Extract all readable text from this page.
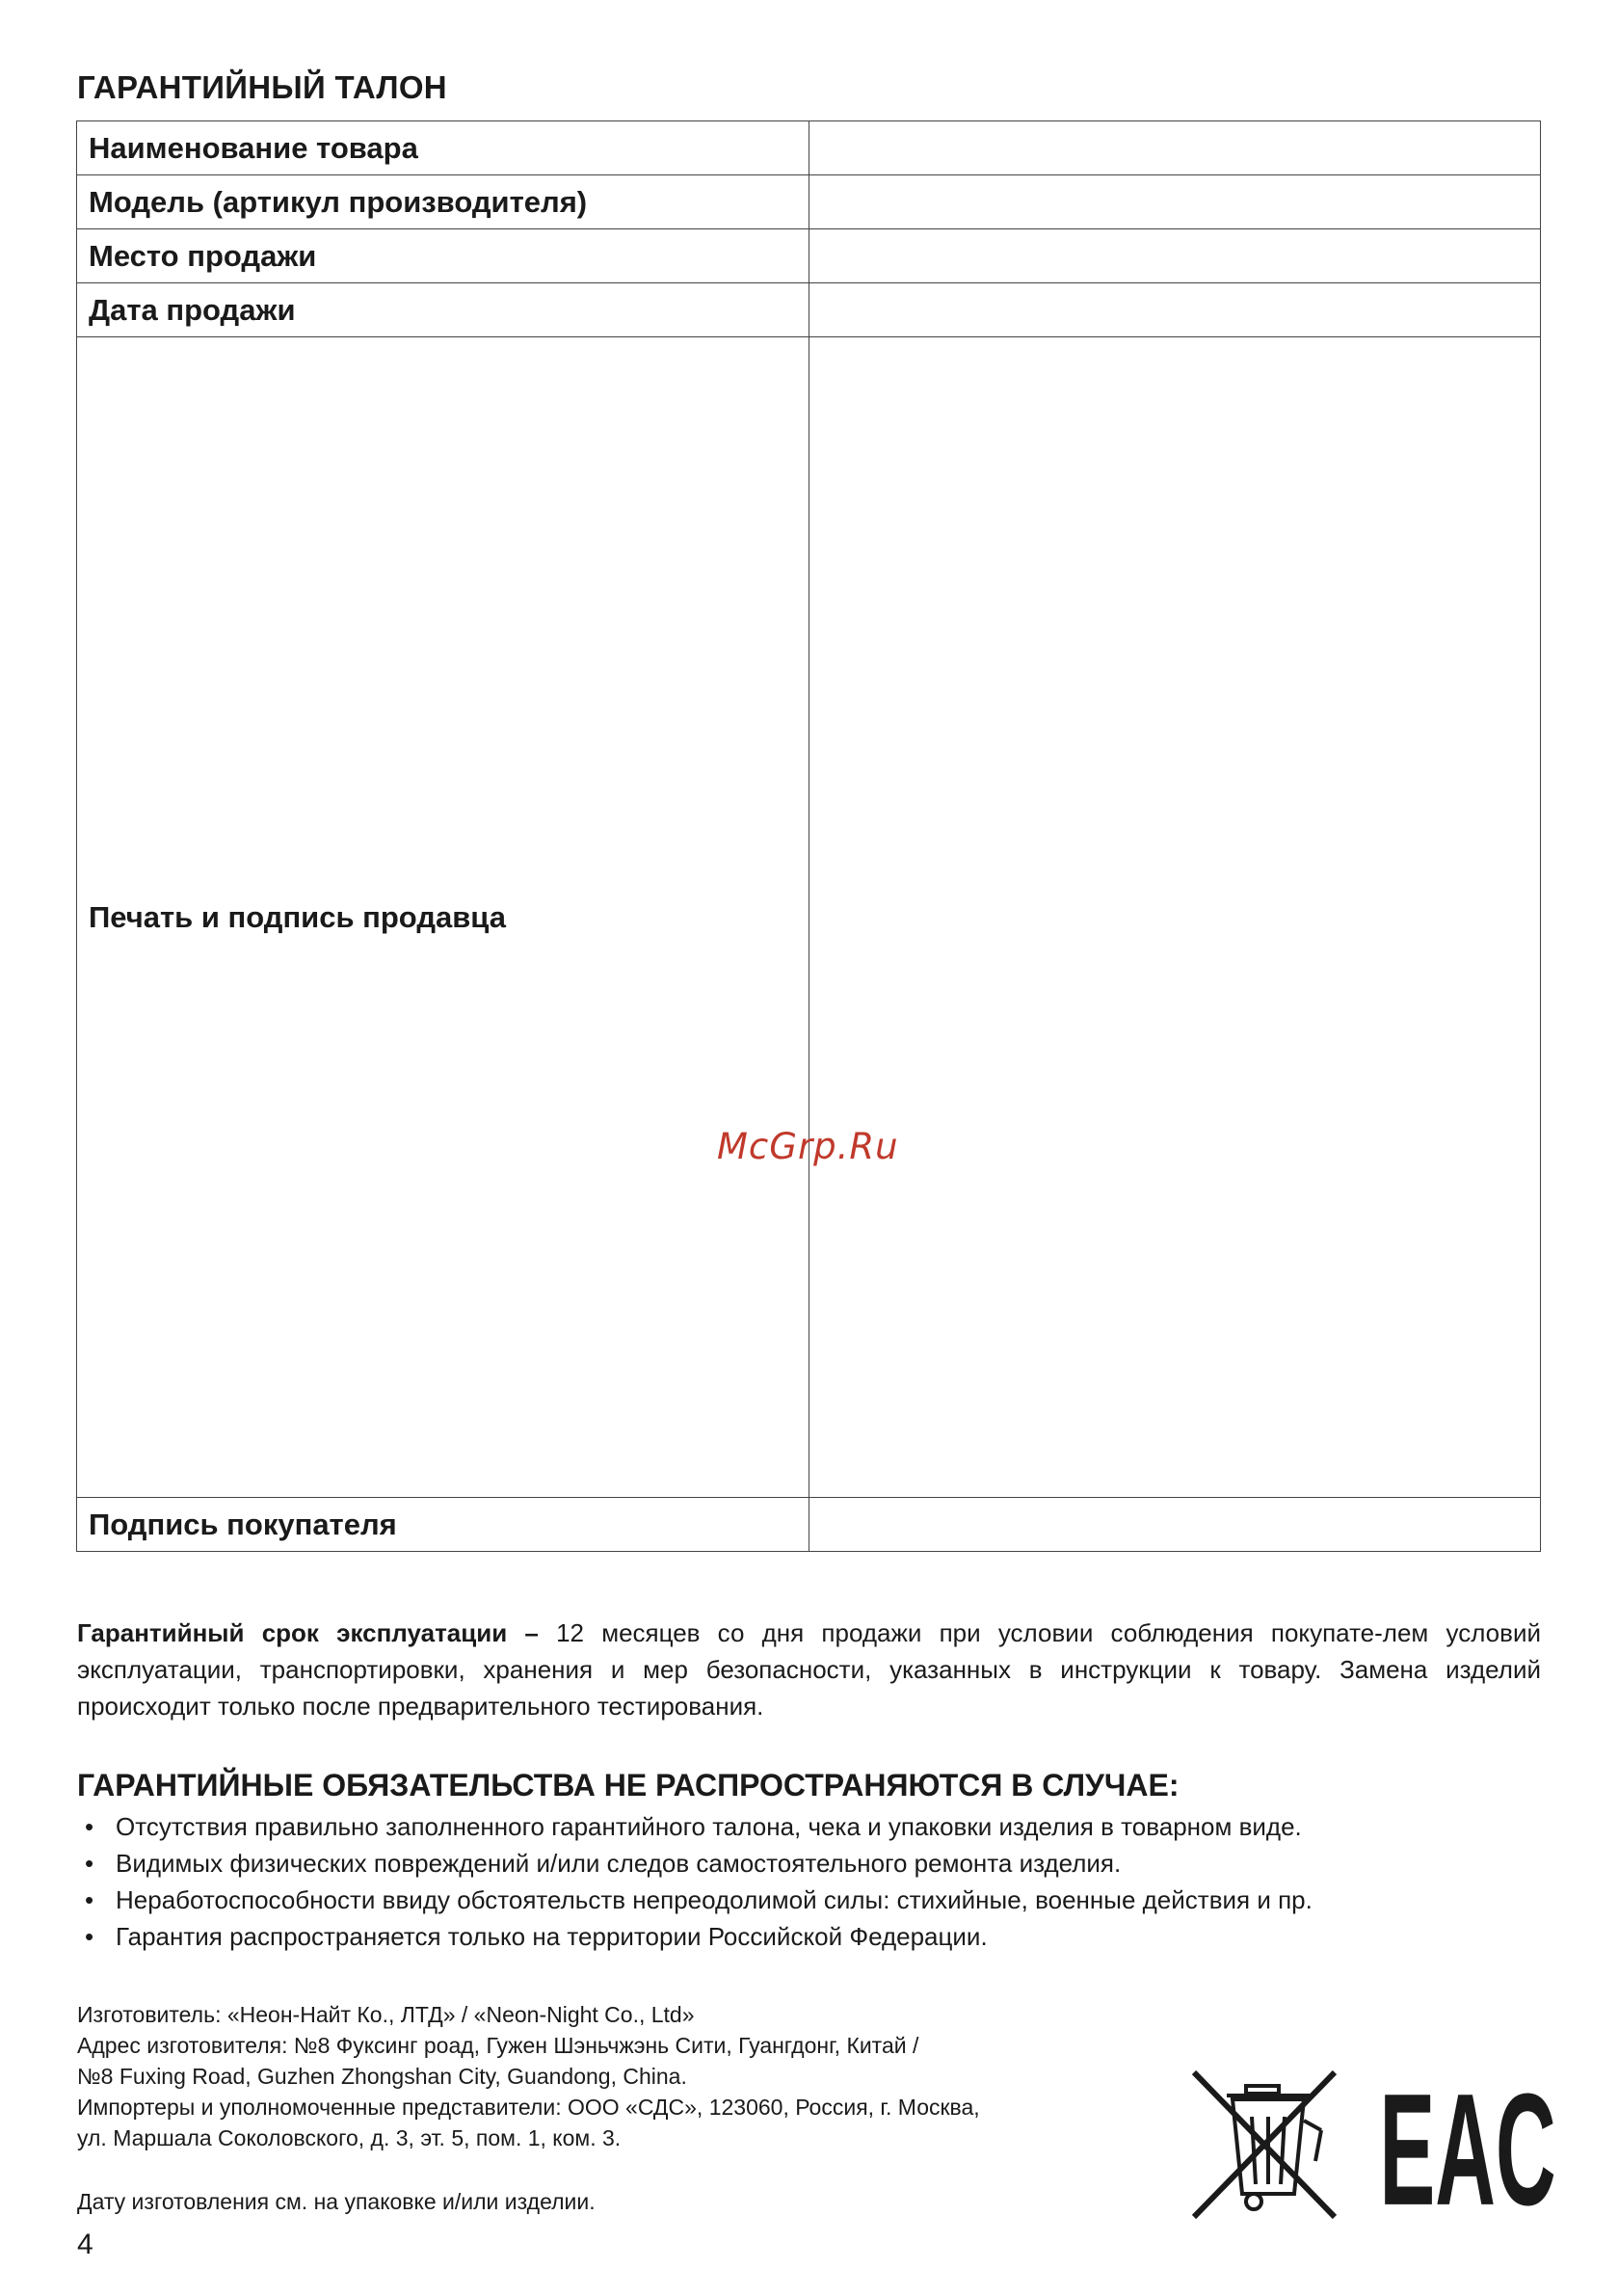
ГАРАНТИЙНЫЙ ТАЛОН
Наименование товара	
Модель (артикул производителя)	
Место продажи	
Дата продажи	
Печать и подпись продавца	
Подпись покупателя	
McGrp.Ru

Гарантийный срок эксплуатации – 12 месяцев со дня продажи при условии соблюдения покупате-лем условий эксплуатации, транспортировки, хранения и мер безопасности, указанных в инструкции к товару. Замена изделий происходит только после предварительного тестирования.

ГАРАНТИЙНЫЕ ОБЯЗАТЕЛЬСТВА НЕ РАСПРОСТРАНЯЮТСЯ В СЛУЧАЕ:
• Отсутствия правильно заполненного гарантийного талона, чека и упаковки изделия в товарном виде.
• Видимых физических повреждений и/или следов самостоятельного ремонта изделия.
• Неработоспособности ввиду обстоятельств непреодолимой силы: стихийные, военные действия и пр.
• Гарантия распространяется только на территории Российской Федерации.
Изготовитель: «Неон-Найт Ко., ЛТД» / «Neon-Night Co., Ltd»
Адрес изготовителя: №8 Фуксинг роад, Гужен Шэньчжэнь Сити, Гуангдонг, Китай /
№8 Fuxing Road, Guzhen Zhongshan City, Guandong, China.
Импортеры и уполномоченные представители: ООО «СДС», 123060, Россия, г. Москва,
ул. Маршала Соколовского, д. 3, эт. 5, пом. 1, ком. 3.
Дату изготовления см. на упаковке и/или изделии.
4
EAC
